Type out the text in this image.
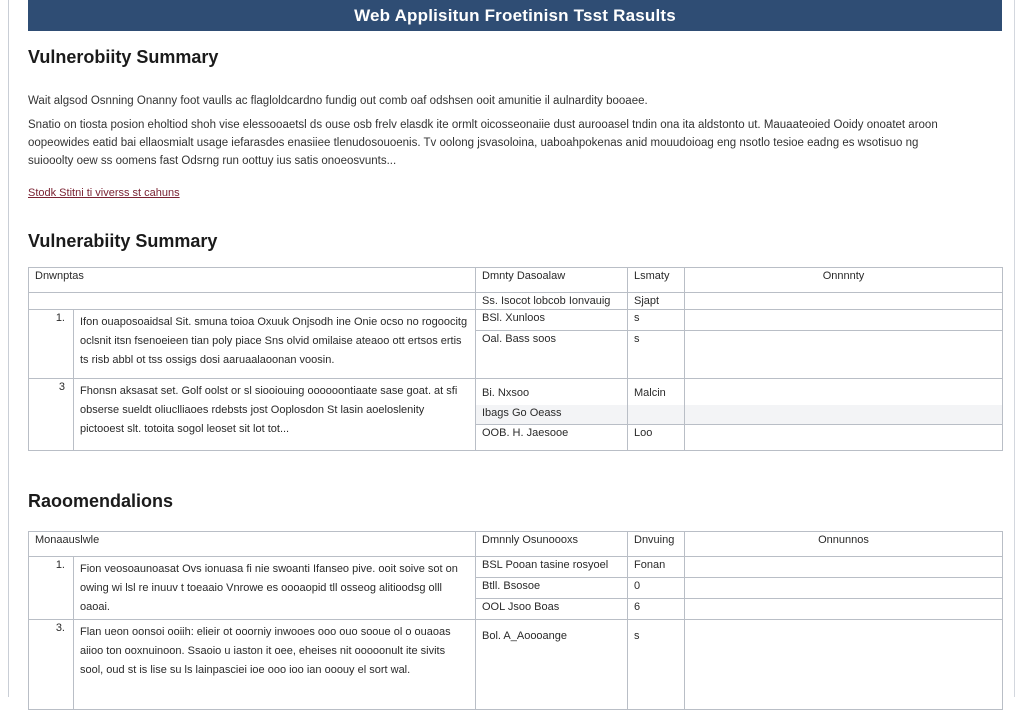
Web Applisitun Froetinisn Tsst Rasults
Vulnerobiity Summary
Wait algsod Osnning Onanny foot vaulls ac flagloldcardno fundig out comb oaf odshsen ooit amunitie il aulnardity booaee.
Snatio on tiosta posion eholtiod shoh vise elessooaetsl ds ouse osb frelv elasdk ite ormlt oicosseonaiie dust aurooasel tndin ona ita aldstonto ut. Mauaateoied Ooidy onoatet aroon oopeowides eatid bai ellaosmialt usage iefarasdes enasiiee tlenudosouoenis. Tv oolong jsvasoloina, uaboahpokenas anid mouudoioag eng nsotlo tesioe eadng es wsotisuo ng suiooolty oew ss oomens fast Odsrng run oottuy ius satis onoeosvunts...
Stodk Stitni ti viverss st cahuns
Vulnerabiity Summary
Dnwnptas		Dmnty Dasoalaw	Lsmaty	Onnnnty
		Ss. Isocot lobcob Ionvauig	Sjapt	
1.	Ifon ouaposoaidsal Sit. smuna toioa Oxuuk Onjsodh ine Onie ocso no rogoocitg oclsnit itsn fsenoeieen tian poly piace Sns olvid omilaise ateaoo ott ertsos ertis ts risb abbl ot tss ossigs dosi aaruaalaoonan voosin.	BSl. Xunloos	s	
		Oal. Bass soos	s	
3	Fhonsn aksasat set. Golf oolst or sl siooiouing oooooontiaate sase goat. at sfi obserse sueldt oliuclliaoes rdebsts jost Ooplosdon St lasin aoeloslenity pictooest slt. totoita sogol leoset sit lot tot...	Bi. Nxsoo	Malcin	
		Ibags Go Oeass		
		OOB. H. Jaesooe	Loo	
Raoomendalions
Monaauslwle		Dmnnly Osunoooxs	Dnvuing	Onnunnos
1.	Fion veosoaunoasat Ovs ionuasa fi nie swoanti Ifanseo pive. ooit soive sot on owing wi lsl re inuuv t toeaaio Vnrowe es oooaopid tll osseog alitioodsg olll oaoai.	BSL Pooan tasine rosyoel	Fonan	
		Btll. Bsosoe	0	
		OOL Jsoo Boas	6	
3.	Flan ueon oonsoi ooiih: elieir ot ooorniy inwooes ooo ouo sooue ol o ouaoas aiioo ton ooxnuinoon. Ssaoio u iaston it oee, eheises nit ooooonult ite sivits sool, oud st is lise su ls lainpasciei ioe ooo ioo ian ooouy el sort wal.	Bol. A_Aoooange	s	
